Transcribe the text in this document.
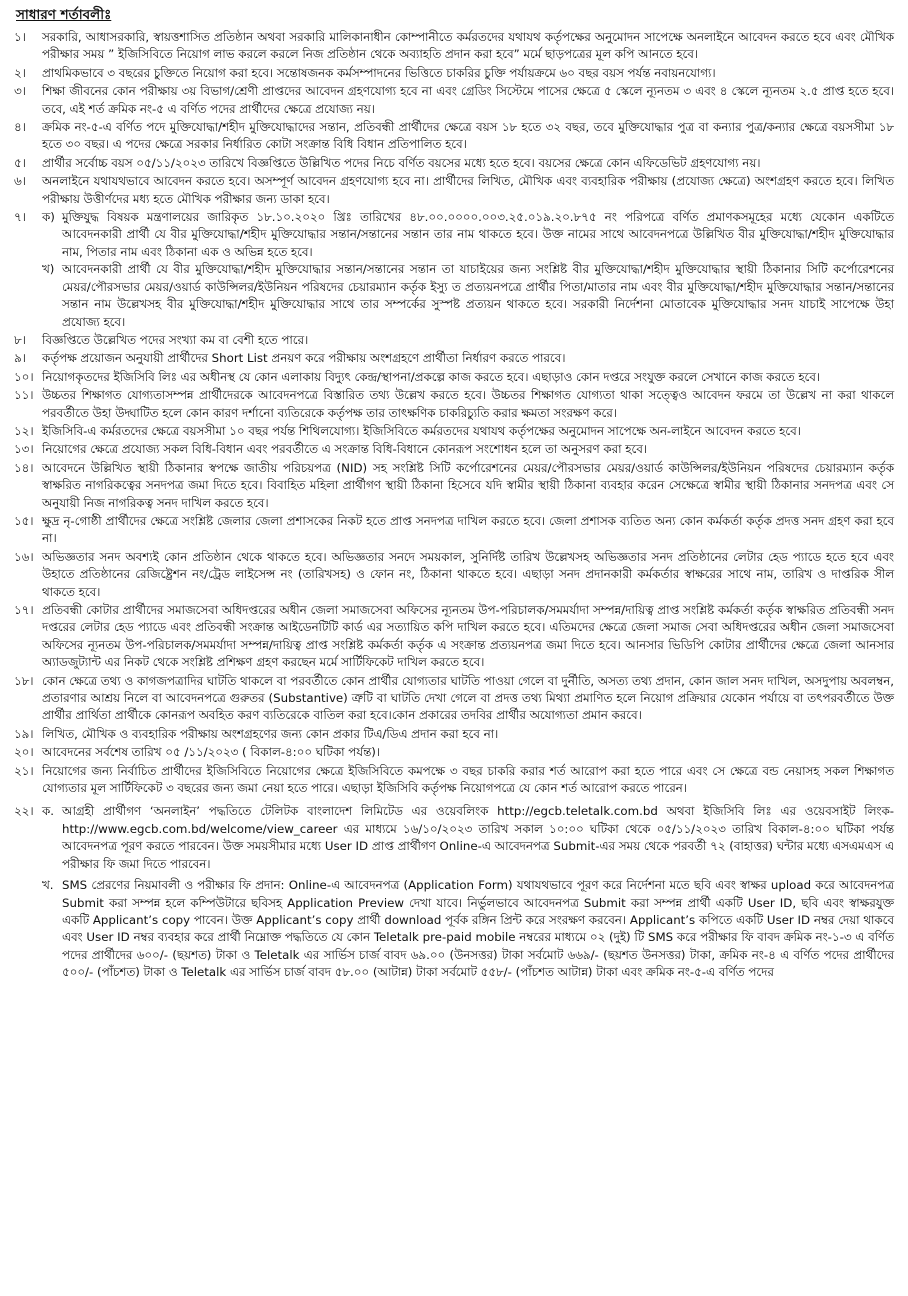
সাধারণ শর্তাবলীঃ
১।	সরকারি, আধাসরকারি, স্বায়ত্তশাসিত প্রতিষ্ঠান অথবা সরকারি মালিকানাধীন কোম্পানীতে কর্মরতদের যথাযথ কর্তৃপক্ষের অনুমোদন সাপেক্ষে অনলাইনে আবেদন করতে হবে এবং মৌখিক পরীক্ষার সময় ” ইজিসিবিতে নিয়োগ লাভ করলে করলে নিজ প্রতিষ্ঠান থেকে অব্যাহতি প্রদান করা হবে” মর্মে ছাড়পত্রের মূল কপি আনতে হবে।
২।	প্রাথমিকভাবে ৩ বছরের চুক্তিতে নিয়োগ করা হবে। সন্তোষজনক কর্মসম্পাদনের ভিত্তিতে চাকরির চুক্তি পর্যায়ক্রমে ৬০ বছর বয়স পর্যন্ত নবায়নযোগ্য।
৩।	শিক্ষা জীবনের কোন পরীক্ষায় ৩য় বিভাগ/শ্রেণী প্রাপ্তদের আবেদন গ্রহণযোগ্য হবে না এবং গ্রেডিং সিস্টেমে পাসের ক্ষেত্রে ৫ স্কেলে ন্যূনতম ৩ এবং ৪ স্কেলে ন্যূনতম ২.৫ প্রাপ্ত হতে হবে। তবে, এই শর্ত ক্রমিক নং-৫ এ বর্ণিত পদের প্রার্থীদের ক্ষেত্রে প্রযোজ্য নয়।
৪।	ক্রমিক নং-৫-এ বর্ণিত পদে মুক্তিযোদ্ধা/শহীদ মুক্তিযোদ্ধাদের সন্তান, প্রতিবন্ধী প্রার্থীদের ক্ষেত্রে বয়স ১৮ হতে ৩২ বছর, তবে মুক্তিযোদ্ধার পুত্র বা কন্যার পুত্র/কন্যার ক্ষেত্রে বয়সসীমা ১৮ হতে ৩০ বছর। এ পদের ক্ষেত্রে সরকার নির্ধারিত কোটা সংক্রান্ত বিধি বিধান প্রতিপালিত হবে।
৫।	প্রার্থীর সর্বোচ্চ বয়স ০৫/১১/২০২৩ তারিখে বিজ্ঞপ্তিতে উল্লিখিত পদের নিচে বর্ণিত বয়সের মধ্যে হতে হবে। বয়সের ক্ষেত্রে কোন এফিডেভিট গ্রহণযোগ্য নয়।
৬।	অনলাইনে যথাযথভাবে আবেদন করতে হবে। অসম্পূর্ণ আবেদন গ্রহণযোগ্য হবে না। প্রার্থীদের লিখিত, মৌখিক এবং ব্যবহারিক পরীক্ষায় (প্রযোজ্য ক্ষেত্রে) অংশগ্রহণ করতে হবে। লিখিত পরীক্ষায় উত্তীর্ণদের মধ্য হতে মৌখিক পরীক্ষার জন্য ডাকা হবে।
৭।	ক) মুক্তিযুদ্ধ বিষয়ক মন্ত্রণালয়ের জারিকৃত ১৮.১০.২০২০ খ্রিঃ তারিখের ৪৮.০০.০০০০.০০৩.২৫.০১৯.২০.৮৭৫ নং পরিপত্রে বর্ণিত প্রমাণকসমূহের মধ্যে যেকোন একটিতে আবেদনকারী প্রার্থী যে বীর মুক্তিযোদ্ধা/শহীদ মুক্তিযোদ্ধার সন্তান/সন্তানের সন্তান তার নাম থাকতে হবে। উক্ত নামের সাথে আবেদনপত্রে উল্লিখিত বীর মুক্তিযোদ্ধা/শহীদ মুক্তিযোদ্ধার নাম, পিতার নাম এবং ঠিকানা এক ও অভিন্ন হতে হবে।
খ) আবেদনকারী প্রার্থী যে বীর মুক্তিযোদ্ধা/শহীদ মুক্তিযোদ্ধার সন্তান/সন্তানের সন্তান তা যাচাইয়ের জন্য সংশ্লিষ্ট বীর মুক্তিযোদ্ধা/শহীদ মুক্তিযোদ্ধার স্থায়ী ঠিকানার সিটি কর্পোরেশনের মেয়র/পৌরসভার মেয়র/ওয়ার্ড কাউন্সিলর/ইউনিয়ন পরিষদের চেয়ারম্যান কর্তৃক ইস্যু ত প্রত্যয়নপত্রে প্রার্থীর পিতা/মাতার নাম এবং বীর মুক্তিযোদ্ধা/শহীদ মুক্তিযোদ্ধার সন্তান/সন্তানের সন্তান নাম উল্লেখসহ বীর মুক্তিযোদ্ধা/শহীদ মুক্তিযোদ্ধার সাথে তার সম্পর্কের সুস্পষ্ট প্রত্যয়ন থাকতে হবে। সরকারী নির্দেশনা মোতাবেক মুক্তিযোদ্ধার সনদ যাচাই সাপেক্ষে উহা প্রযোজ্য হবে।
৮।	বিজ্ঞপ্তিতে উল্লেখিত পদের সংখ্যা কম বা বেশী হতে পারে।
৯।	কর্তৃপক্ষ প্রয়োজন অনুযায়ী প্রার্থীদের Short List প্রনয়ণ করে পরীক্ষায় অংশগ্রহণে প্রার্থীতা নির্ধারণ করতে পারবে।
১০। নিয়োগকৃতদের ইজিসিবি লিঃ এর অধীনস্থ যে কোন এলাকায় বিদ্যুৎ কেন্দ্র/স্থাপনা/প্রকল্পে কাজ করতে হবে। এছাড়াও কোন দপ্তরে সংযুক্ত করলে সেখানে কাজ করতে হবে।
১১। উচ্চতর শিক্ষাগত যোগ্যতাসম্পন্ন প্রার্থীদেরকে আবেদনপত্রে বিস্তারিত তথ্য উল্লেখ করতে হবে। উচ্চতর শিক্ষাগত যোগ্যতা থাকা সত্ত্বেও আবেদন ফরমে তা উল্লেখ না করা থাকলে পরবর্তীতে উহা উদ্ঘাটিত হলে কোন কারণ দর্শানো ব্যতিরেকে কর্তৃপক্ষ তার তাৎক্ষণিক চাকরিচ্যুতি করার ক্ষমতা সংরক্ষণ করে।
১২। ইজিসিবি-এ কর্মরতদের ক্ষেত্রে বয়সসীমা ১০ বছর পর্যন্ত শিথিলযোগ্য। ইজিসিবিতে কর্মরতদের যথাযথ কর্তৃপক্ষের অনুমোদন সাপেক্ষে অন-লাইনে আবেদন করতে হবে।
১৩। নিয়োগের ক্ষেত্রে প্রযোজ্য সকল বিধি-বিধান এবং পরবর্তীতে এ সংক্রান্ত বিধি-বিধানে কোনরূপ সংশোধন হলে তা অনুসরণ করা হবে।
১৪। আবেদনে উল্লিখিত স্থায়ী ঠিকানার স্বপক্ষে জাতীয় পরিচয়পত্র (NID) সহ সংশ্লিষ্ট সিটি কর্পোরেশনের মেয়র/পৌরসভার মেয়র/ওয়ার্ড কাউন্সিলর/ইউনিয়ন পরিষদের চেয়ারম্যান কর্তৃক স্বাক্ষরিত নাগরিকত্বের সনদপত্র জমা দিতে হবে। বিবাহিত মহিলা প্রার্থীগণ স্থায়ী ঠিকানা হিসেবে যদি স্বামীর স্থায়ী ঠিকানা ব্যবহার করেন সেক্ষেত্রে স্বামীর স্থায়ী ঠিকানার সনদপত্র এবং সে অনুযায়ী নিজ নাগরিকত্ব সনদ দাখিল করতে হবে।
১৫। ক্ষুদ্র নৃ-গোষ্ঠী প্রার্থীদের ক্ষেত্রে সংশ্লিষ্ট জেলার জেলা প্রশাসকের নিকট হতে প্রাপ্ত সনদপত্র দাখিল করতে হবে। জেলা প্রশাসক ব্যতিত অন্য কোন কর্মকর্তা কর্তৃক প্রদত্ত সনদ গ্রহণ করা হবে না।
১৬। অভিজ্ঞতার সনদ অবশ্যই কোন প্রতিষ্ঠান থেকে থাকতে হবে। অভিজ্ঞতার সনদে সময়কাল, সুনির্দিষ্ট তারিখ উল্লেখসহ অভিজ্ঞতার সনদ প্রতিষ্ঠানের লেটার হেড প্যাডে হতে হবে এবং উহাতে প্রতিষ্ঠানের রেজিষ্ট্রেশন নং/ট্রেড লাইসেন্স নং (তারিখসহ) ও ফোন নং, ঠিকানা থাকতে হবে। এছাড়া সনদ প্রদানকারী কর্মকর্তার স্বাক্ষরের সাথে নাম, তারিখ ও দাপ্তরিক সীল থাকতে হবে।
১৭। প্রতিবন্ধী কোটার প্রার্থীদের সমাজসেবা অধিদপ্তরের অধীন জেলা সমাজসেবা অফিসের ন্যূনতম উপ-পরিচালক/সমমর্যাদা সম্পন্ন/দায়িত্ব প্রাপ্ত সংশ্লিষ্ট কর্মকর্তা কর্তৃক স্বাক্ষরিত প্রতিবন্ধী সনদ দপ্তরের লেটার হেড প্যাডে এবং প্রতিবন্ধী সংক্রান্ত আইডেনটিটি কার্ড এর সত্যায়িত কপি দাখিল করতে হবে। এতিমদের ক্ষেত্রে জেলা সমাজ সেবা অধিদপ্তরের অধীন জেলা সমাজসেবা অফিসের ন্যূনতম উপ-পরিচালক/সমমর্যাদা সম্পন্ন/দায়িত্ব প্রাপ্ত সংশ্লিষ্ট কর্মকর্তা কর্তৃক এ সংক্রান্ত প্রত্যয়নপত্র জমা দিতে হবে। আনসার ভিডিপি কোটার প্রার্থীদের ক্ষেত্রে জেলা আনসার অ্যাডজুট্যান্ট এর নিকট থেকে সংশ্লিষ্ট প্রশিক্ষণ গ্রহণ করছেন মর্মে সার্টিফিকেট দাখিল করতে হবে।
১৮। কোন ক্ষেত্রে তথ্য ও কাগজপত্রাদির ঘাটতি থাকলে বা পরবর্তীতে কোন প্রার্থীর যোগ্যতার ঘাটতি পাওয়া গেলে বা দুর্নীতি, অসত্য তথ্য প্রদান, কোন জাল সনদ দাখিল, অসদুপায় অবলম্বন, প্রতারণার আশ্রয় নিলে বা আবেদনপত্রে গুরুতর (Substantive) ত্রুটি বা ঘাটতি দেখা গেলে বা প্রদত্ত তথ্য মিথ্যা প্রমাণিত হলে নিয়োগ প্রক্রিয়ার যেকোন পর্যায়ে বা তৎপরবর্তীতে উক্ত প্রার্থীর প্রার্থিতা প্রার্থীকে কোনরূপ অবহিত করণ ব্যতিরেকে বাতিল করা হবে।কোন প্রকারের তদবির প্রার্থীর অযোগ্যতা প্রমান করবে।
১৯। লিখিত, মৌখিক ও ব্যবহারিক পরীক্ষায় অংশগ্রহণের জন্য কোন প্রকার টিএ/ডিএ প্রদান করা হবে না।
২০। আবেদনের সর্বশেষ তারিখ ০৫ /১১/২০২৩ ( বিকাল-৪:০০ ঘটিকা পর্যন্ত)।
২১। নিয়োগের জন্য নির্বাচিত প্রার্থীদের ইজিসিবিতে নিয়োগের ক্ষেত্রে ইজিসিবিতে কমপক্ষে ৩ বছর চাকরি করার শর্ত আরোপ করা হতে পারে এবং সে ক্ষেত্রে বন্ড নেয়াসহ সকল শিক্ষাগত যোগ্যতার মূল সার্টিফিকেট ৩ বছরের জন্য জমা নেয়া হতে পারে। এছাড়া ইজিসিবি কর্তৃপক্ষ নিয়োগপত্রে যে কোন শর্ত আরোপ করতে পারেন।
২২। ক. আগ্রহী প্রার্থীগণ ‘অনলাইন’ পদ্ধতিতে টেলিটক বাংলাদেশ লিমিটেড এর ওয়েবলিংক http://egcb.teletalk.com.bd অথবা ইজিসিবি লিঃ এর ওয়েবসাইট লিংক-http://www.egcb.com.bd/welcome/view_career এর মাধ্যমে ১৬/১০/২০২৩ তারিখ সকাল ১০:০০ ঘটিকা থেকে ০৫/১১/২০২৩ তারিখ বিকাল-৪:০০ ঘটিকা পর্যন্ত আবেদনপত্র পূরণ করতে পারবেন। উক্ত সময়সীমার মধ্যে User ID প্রাপ্ত প্রার্থীগণ Online-এ আবেদনপত্র Submit-এর সময় থেকে পরবর্তী ৭২ (বাহাত্তর) ঘন্টার মধ্যে এসএমএস এ পরীক্ষার ফি জমা দিতে পারবেন।
খ. SMS প্রেরণের নিয়মাবলী ও পরীক্ষার ফি প্রদান: Online-এ আবেদনপত্র (Application Form) যথাযথভাবে পূরণ করে নির্দেশনা মতে ছবি এবং স্বাক্ষর upload করে আবেদনপত্র Submit করা সম্পন্ন হলে কম্পিউটারে ছবিসহ Application Preview দেখা যাবে। নির্ভুলভাবে আবেদনপত্র Submit করা সম্পন্ন প্রার্থী একটি User ID, ছবি এবং স্বাক্ষরযুক্ত একটি Applicant’s copy পাবেন। উক্ত Applicant’s copy প্রার্থী download পূর্বক রঙ্গিন প্রিন্ট করে সংরক্ষণ করবেন। Applicant’s কপিতে একটি User ID নম্বর দেয়া থাকবে এবং User ID নম্বর ব্যবহার করে প্রার্থী নিম্নোক্ত পদ্ধতিতে যে কোন Teletalk pre-paid mobile নম্বরের মাধ্যমে ০২ (দুই) টি SMS করে পরীক্ষার ফি বাবদ ক্রমিক নং-১-৩ এ বর্ণিত পদের প্রার্থীদের ৬০০/- (ছয়শত) টাকা ও Teletalk এর সার্ভিস চার্জ বাবদ ৬৯.০০ (উনসত্তর) টাকা সর্বমোট ৬৬৯/- (ছয়শত উনসত্তর) টাকা, ক্রমিক নং-৪ এ বর্ণিত পদের প্রার্থীদের ৫০০/- (পাঁচশত) টাকা ও Teletalk এর সার্ভিস চার্জ বাবদ ৫৮.০০ (আটান্ন) টাকা সর্বমোট ৫৫৮/- (পাঁচশত আটান্ন) টাকা এবং ক্রমিক নং-৫-এ বর্ণিত পদের
